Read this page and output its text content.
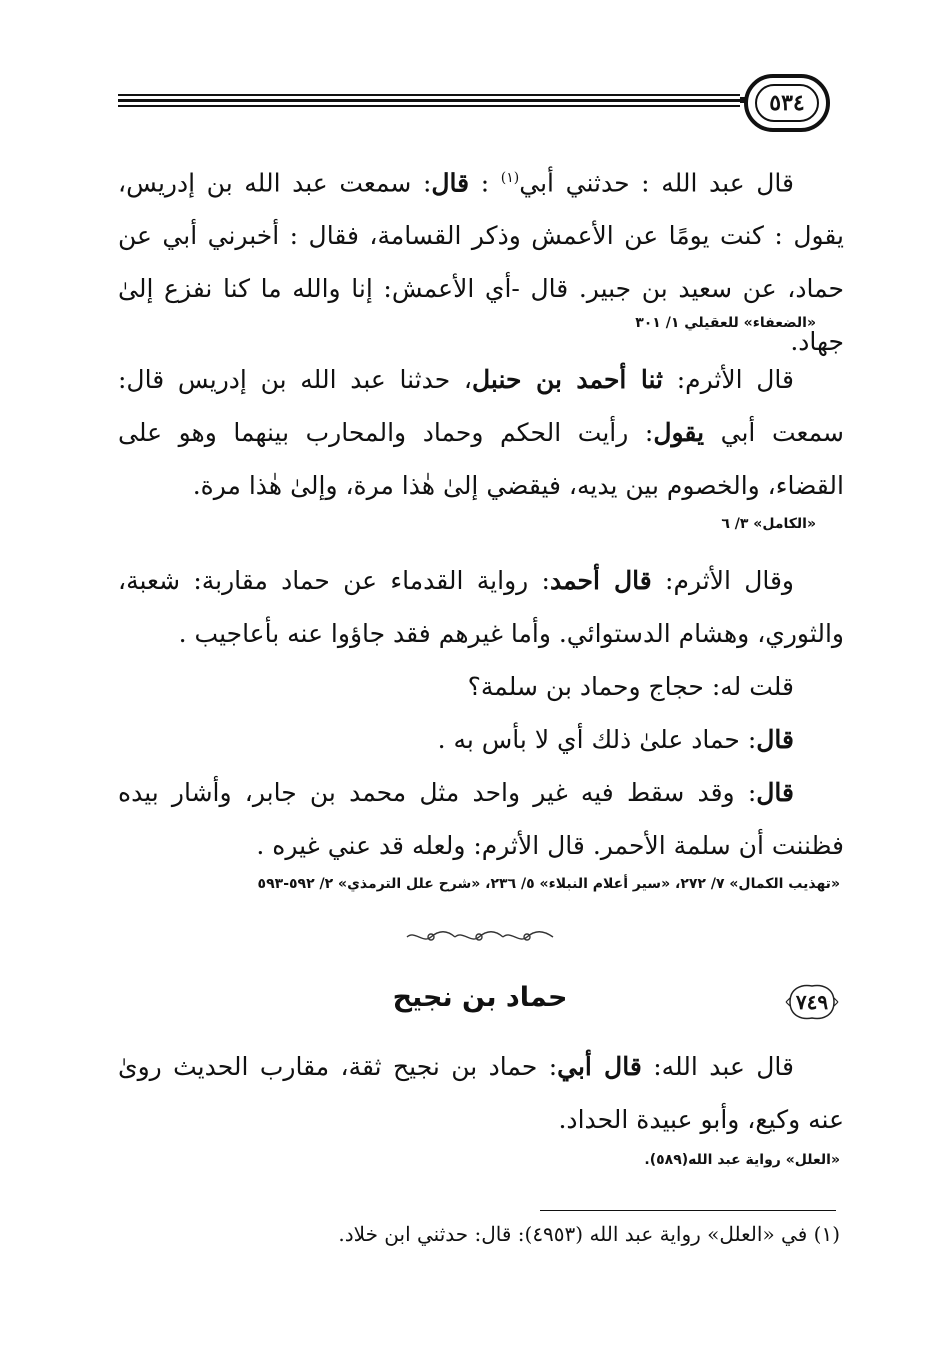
٥٣٤
قال عبد الله : حدثني أبي$^{(١)}$ : قال: سمعت عبد الله بن إدريس، يقول : كنت يومًا عن الأعمش وذكر القسامة، فقال : أخبرني أبي عن حماد، عن سعيد بن جبير. قال -أي الأعمش: إنا والله ما كنا نفزع إلىٰ جهاد.
«الضعفاء» للعقيلي ١/ ٣٠١
قال الأثرم: ثنا أحمد بن حنبل، حدثنا عبد الله بن إدريس قال: سمعت أبي يقول: رأيت الحكم وحماد والمحارب بينهما وهو على القضاء، والخصوم بين يديه، فيقضي إلىٰ هٰذا مرة، وإلىٰ هٰذا مرة.
«الكامل» ٣/ ٦
وقال الأثرم: قال أحمد: رواية القدماء عن حماد مقاربة: شعبة، والثوري، وهشام الدستوائي. وأما غيرهم فقد جاؤوا عنه بأعاجيب .
قلت له: حجاج وحماد بن سلمة؟
قال: حماد علىٰ ذلك أي لا بأس به .
قال: وقد سقط فيه غير واحد مثل محمد بن جابر، وأشار بيده فظننت أن سلمة الأحمر. قال الأثرم: ولعله قد عني غيره .
«تهذيب الكمال» ٧/ ٢٧٢، «سير أعلام النبلاء» ٥/ ٢٣٦، «شرح علل الترمذي» ٢/ ٥٩٢-٥٩٣
٧٤٩
حماد بن نجيح
قال عبد الله: قال أبي: حماد بن نجيح ثقة، مقارب الحديث روىٰ عنه وكيع، وأبو عبيدة الحداد.
«العلل» رواية عبد الله(٥٨٩).
(١) في «العلل» رواية عبد الله (٤٩٥٣): قال: حدثني ابن خلاد.
